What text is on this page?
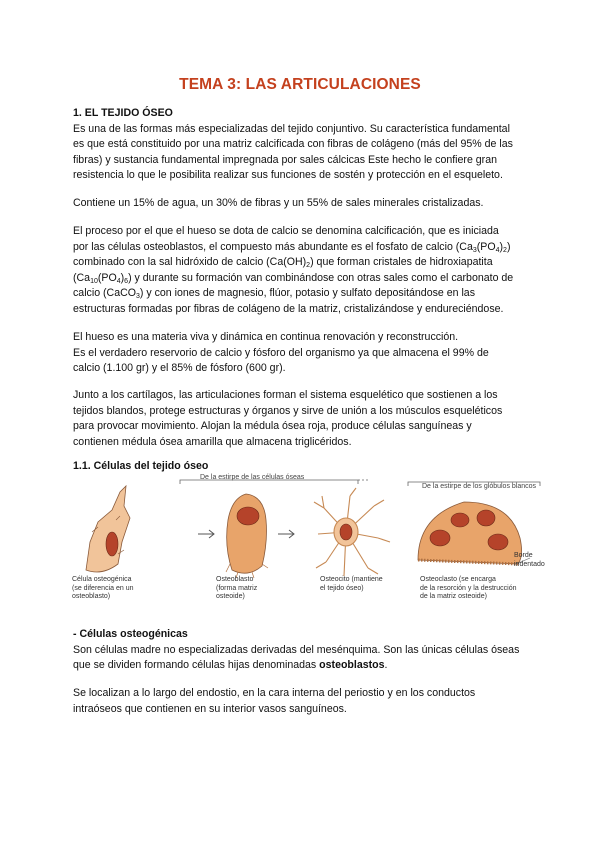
TEMA 3: LAS ARTICULACIONES
1. EL TEJIDO ÓSEO
Es una de las formas más especializadas del tejido conjuntivo. Su característica fundamental
es que está constituido por una matriz calcificada con fibras de colágeno (más del 95% de las
fibras) y sustancia fundamental impregnada por sales cálcicas Este hecho le confiere gran
resistencia lo que le posibilita realizar sus funciones de sostén y protección en el esqueleto.
Contiene un 15% de agua, un 30% de fibras y un 55% de sales minerales cristalizadas.
El proceso por el que el hueso se dota de calcio se denomina calcificación, que es iniciada
por las células osteoblastos, el compuesto más abundante es el fosfato de calcio $(Ca_3(PO_4)_2)$
combinado con la sal hidróxido de calcio $(Ca(OH)_2)$ que forman cristales de hidroxiapatita
$(Ca_{10}(PO_4)_6)$ y durante su formación van combinándose con otras sales como el carbonato de
calcio (CaCO$_3$) y con iones de magnesio, flúor, potasio y sulfato depositándose en las
estructuras formadas por fibras de colágeno de la matriz, cristalizándose y endureciéndose.
El hueso es una materia viva y dinámica en continua renovación y reconstrucción.
Es el verdadero reservorio de calcio y fósforo del organismo ya que almacena el 99% de
calcio (1.100 gr) y el 85% de fósforo (600 gr).
Junto a los cartílagos, las articulaciones forman el sistema esquelético que sostienen a los
tejidos blandos, protege estructuras y órganos y sirve de unión a los músculos esqueléticos
para provocar movimiento. Alojan la médula ósea roja, produce células sanguíneas y
contienen médula ósea amarilla que almacena triglicéridos.
1.1. Células del tejido óseo
De la estirpe de las células óseas
De la estirpe de los glóbulos blancos
Célula osteogénica
(se diferencia en un
osteoblasto)
Osteoblasto
(forma matriz
osteoide)
Osteocito (mantiene
el tejido óseo)
Osteoclasto (se encarga
de la resorción y la destrucción
de la matriz osteoide)
Borde
indentado
- Células osteogénicas
Son células madre no especializadas derivadas del mesénquima. Son las únicas células óseas
que se dividen formando células hijas denominadas osteoblastos.
Se localizan a lo largo del endostio, en la cara interna del periostio y en los conductos
intraóseos que contienen en su interior vasos sanguíneos.
